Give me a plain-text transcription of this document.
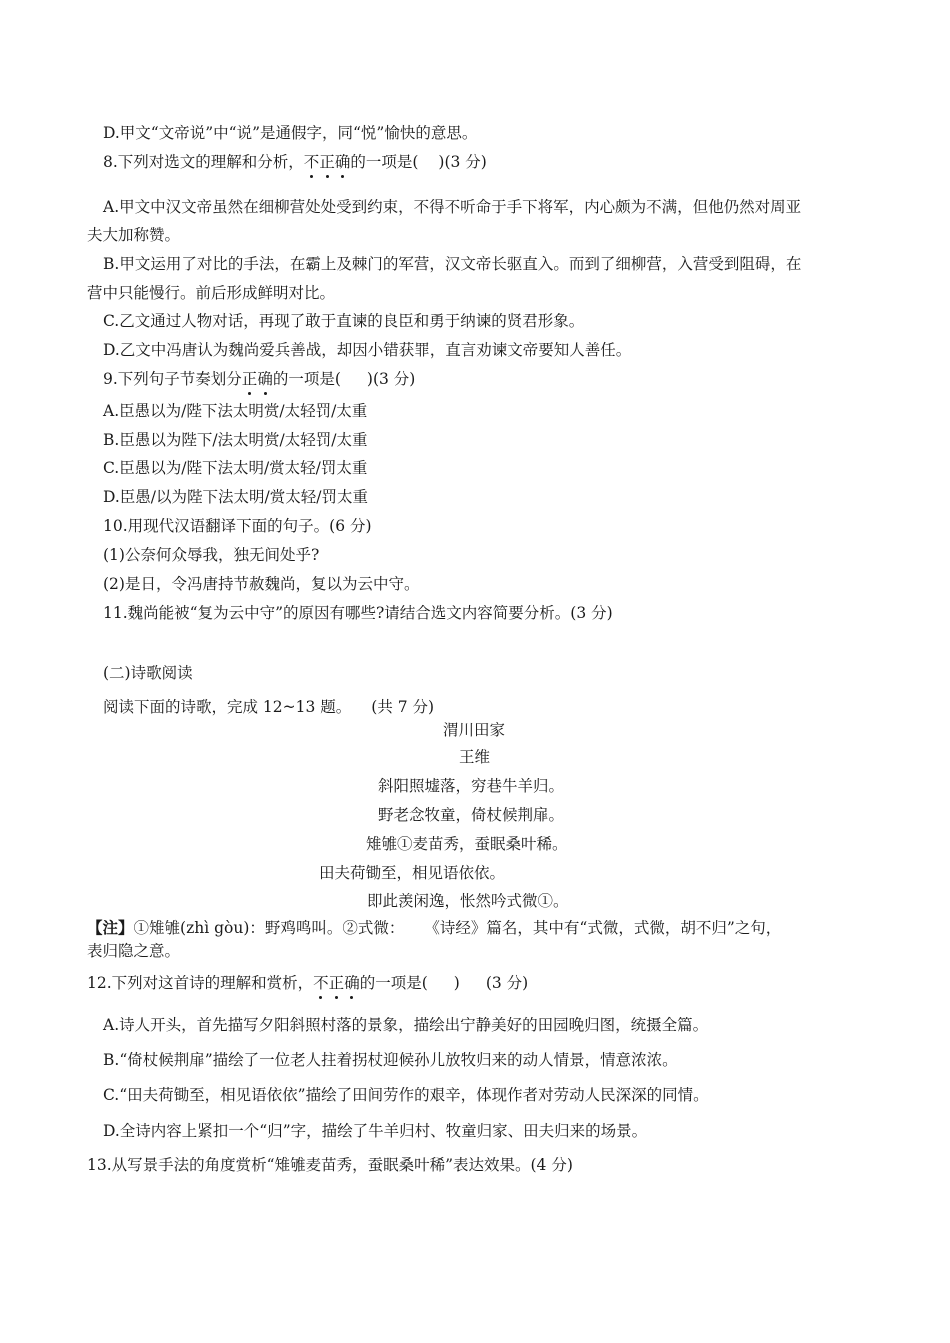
D.甲文“文帝说”中“说”是通假字，同“悦”愉快的意思。
8.下列对选文的理解和分析，不正确的一项是( )(3 分)
A.甲文中汉文帝虽然在细柳营处处受到约束，不得不听命于手下将军，内心颇为不满，但他仍然对周亚
夫大加称赞。
B.甲文运用了对比的手法，在霸上及棘门的军营，汉文帝长驱直入。而到了细柳营，入营受到阻碍，在
营中只能慢行。前后形成鲜明对比。
C.乙文通过人物对话，再现了敢于直谏的良臣和勇于纳谏的贤君形象。
D.乙文中冯唐认为魏尚爱兵善战，却因小错获罪，直言劝谏文帝要知人善任。
9.下列句子节奏划分正确的一项是( )(3 分)
A.臣愚以为/陛下法太明赏/太轻罚/太重
B.臣愚以为陛下/法太明赏/太轻罚/太重
C.臣愚以为/陛下法太明/赏太轻/罚太重
D.臣愚/以为陛下法太明/赏太轻/罚太重
10.用现代汉语翻译下面的句子。(6 分)
(1)公奈何众辱我，独无间处乎?
(2)是日，令冯唐持节赦魏尚，复以为云中守。
11.魏尚能被“复为云中守”的原因有哪些?请结合选文内容简要分析。(3 分)
(二)诗歌阅读
阅读下面的诗歌，完成 12~13 题。 (共 7 分)
渭川田家
王维
斜阳照墟落，穷巷牛羊归。
野老念牧童，倚杖候荆扉。
雉雊①麦苗秀，蚕眠桑叶稀。
田夫荷锄至，相见语依依。
即此羡闲逸，怅然吟式微①。
【注】①雉雊(zhì gòu)：野鸡鸣叫。②式微： 《诗经》篇名，其中有“式微，式微，胡不归”之句，
表归隐之意。
12.下列对这首诗的理解和赏析，不正确的一项是( ) (3 分)
A.诗人开头，首先描写夕阳斜照村落的景象，描绘出宁静美好的田园晚归图，统摄全篇。
B.“倚杖候荆扉”描绘了一位老人拄着拐杖迎候孙儿放牧归来的动人情景，情意浓浓。
C.“田夫荷锄至，相见语依依”描绘了田间劳作的艰辛，体现作者对劳动人民深深的同情。
D.全诗内容上紧扣一个“归”字，描绘了牛羊归村、牧童归家、田夫归来的场景。
13.从写景手法的角度赏析“雉雊麦苗秀，蚕眠桑叶稀”表达效果。(4 分)
